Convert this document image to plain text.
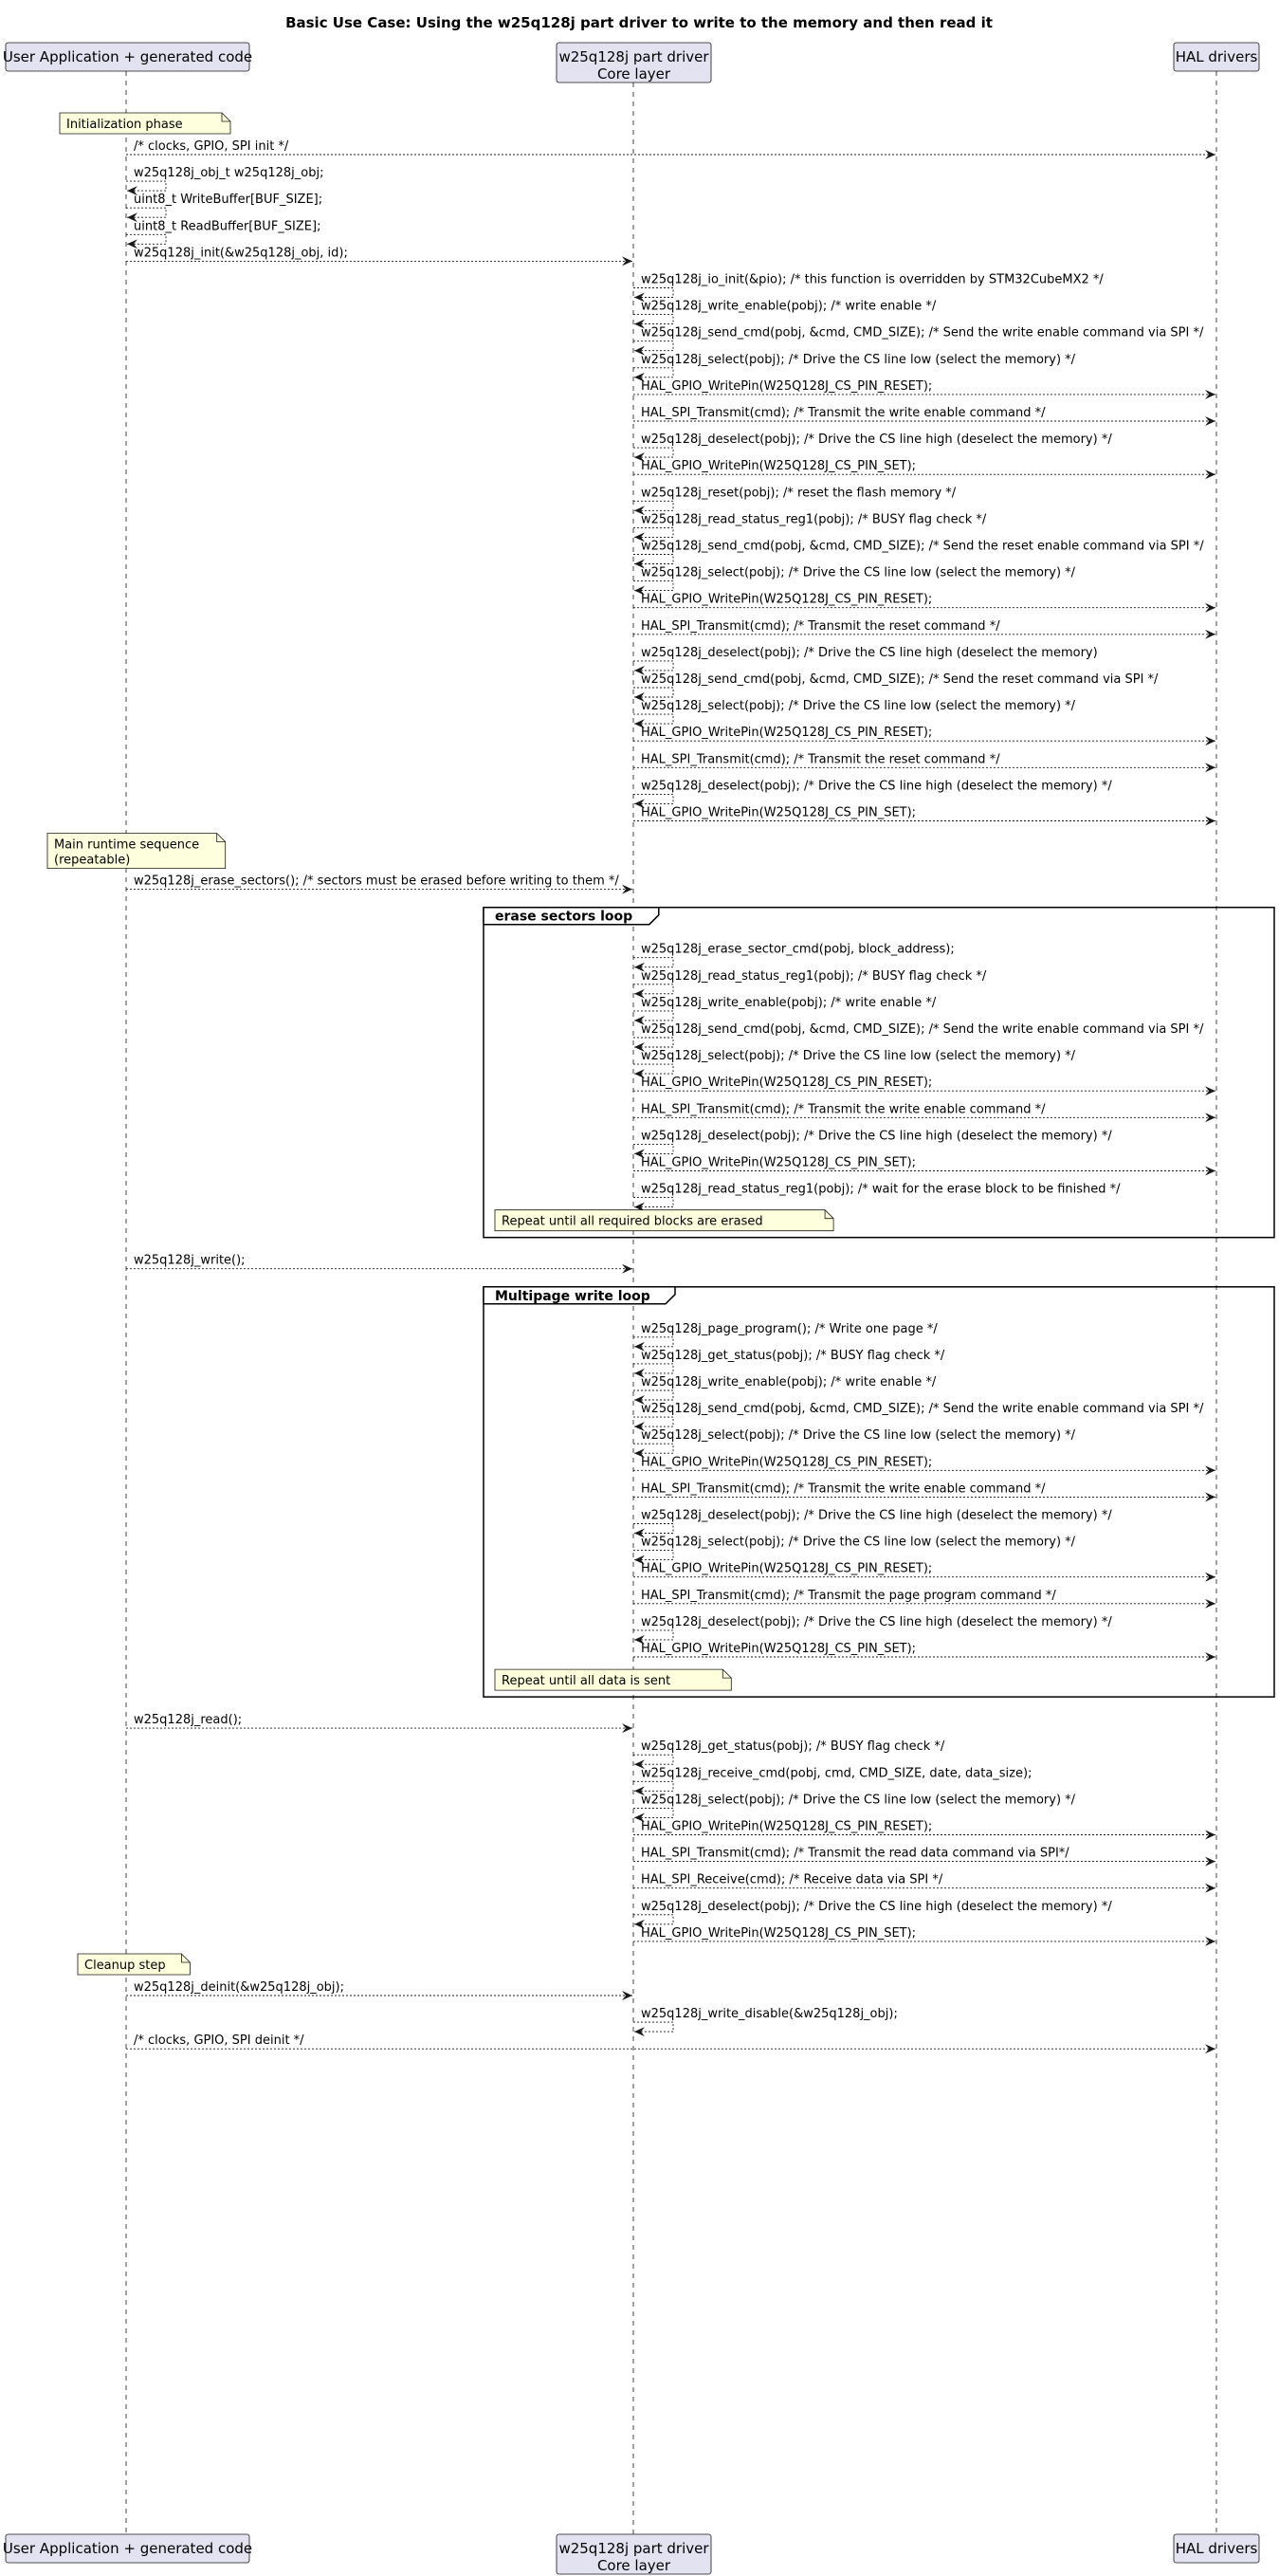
Basic Use Case: Using the w25q128j part driver to write to the memory and then read it
erase sectors loop
Multipage write loop
Initialization phase
/* clocks, GPIO, SPI init */
w25q128j_obj_t w25q128j_obj;
uint8_t WriteBuffer[BUF_SIZE];
uint8_t ReadBuffer[BUF_SIZE];
w25q128j_init(&w25q128j_obj, id);
w25q128j_io_init(&pio); /* this function is overridden by STM32CubeMX2 */
w25q128j_write_enable(pobj); /* write enable */
w25q128j_send_cmd(pobj, &cmd, CMD_SIZE); /* Send the write enable command via SPI */
w25q128j_select(pobj); /* Drive the CS line low (select the memory) */
HAL_GPIO_WritePin(W25Q128J_CS_PIN_RESET);
HAL_SPI_Transmit(cmd); /* Transmit the write enable command */
w25q128j_deselect(pobj); /* Drive the CS line high (deselect the memory) */
HAL_GPIO_WritePin(W25Q128J_CS_PIN_SET);
w25q128j_reset(pobj); /* reset the flash memory */
w25q128j_read_status_reg1(pobj); /* BUSY flag check */
w25q128j_send_cmd(pobj, &cmd, CMD_SIZE); /* Send the reset enable command via SPI */
w25q128j_select(pobj); /* Drive the CS line low (select the memory) */
HAL_GPIO_WritePin(W25Q128J_CS_PIN_RESET);
HAL_SPI_Transmit(cmd); /* Transmit the reset command */
w25q128j_deselect(pobj); /* Drive the CS line high (deselect the memory)
w25q128j_send_cmd(pobj, &cmd, CMD_SIZE); /* Send the reset command via SPI */
w25q128j_select(pobj); /* Drive the CS line low (select the memory) */
HAL_GPIO_WritePin(W25Q128J_CS_PIN_RESET);
HAL_SPI_Transmit(cmd); /* Transmit the reset command */
w25q128j_deselect(pobj); /* Drive the CS line high (deselect the memory) */
HAL_GPIO_WritePin(W25Q128J_CS_PIN_SET);
Main runtime sequence
(repeatable)
w25q128j_erase_sectors(); /* sectors must be erased before writing to them */
w25q128j_erase_sector_cmd(pobj, block_address);
w25q128j_read_status_reg1(pobj); /* BUSY flag check */
w25q128j_write_enable(pobj); /* write enable */
w25q128j_send_cmd(pobj, &cmd, CMD_SIZE); /* Send the write enable command via SPI */
w25q128j_select(pobj); /* Drive the CS line low (select the memory) */
HAL_GPIO_WritePin(W25Q128J_CS_PIN_RESET);
HAL_SPI_Transmit(cmd); /* Transmit the write enable command */
w25q128j_deselect(pobj); /* Drive the CS line high (deselect the memory) */
HAL_GPIO_WritePin(W25Q128J_CS_PIN_SET);
w25q128j_read_status_reg1(pobj); /* wait for the erase block to be finished */
Repeat until all required blocks are erased
w25q128j_write();
w25q128j_page_program(); /* Write one page */
w25q128j_get_status(pobj); /* BUSY flag check */
w25q128j_write_enable(pobj); /* write enable */
w25q128j_send_cmd(pobj, &cmd, CMD_SIZE); /* Send the write enable command via SPI */
w25q128j_select(pobj); /* Drive the CS line low (select the memory) */
HAL_GPIO_WritePin(W25Q128J_CS_PIN_RESET);
HAL_SPI_Transmit(cmd); /* Transmit the write enable command */
w25q128j_deselect(pobj); /* Drive the CS line high (deselect the memory) */
w25q128j_select(pobj); /* Drive the CS line low (select the memory) */
HAL_GPIO_WritePin(W25Q128J_CS_PIN_RESET);
HAL_SPI_Transmit(cmd); /* Transmit the page program command */
w25q128j_deselect(pobj); /* Drive the CS line high (deselect the memory) */
HAL_GPIO_WritePin(W25Q128J_CS_PIN_SET);
Repeat until all data is sent
w25q128j_read();
w25q128j_get_status(pobj); /* BUSY flag check */
w25q128j_receive_cmd(pobj, cmd, CMD_SIZE, date, data_size);
w25q128j_select(pobj); /* Drive the CS line low (select the memory) */
HAL_GPIO_WritePin(W25Q128J_CS_PIN_RESET);
HAL_SPI_Transmit(cmd); /* Transmit the read data command via SPI*/
HAL_SPI_Receive(cmd); /* Receive data via SPI */
w25q128j_deselect(pobj); /* Drive the CS line high (deselect the memory) */
HAL_GPIO_WritePin(W25Q128J_CS_PIN_SET);
Cleanup step
w25q128j_deinit(&w25q128j_obj);
w25q128j_write_disable(&w25q128j_obj);
/* clocks, GPIO, SPI deinit */
User Application + generated code	w25q128j part driver
Core layer
HAL drivers
User Application + generated code	w25q128j part driver
Core layer
HAL drivers
